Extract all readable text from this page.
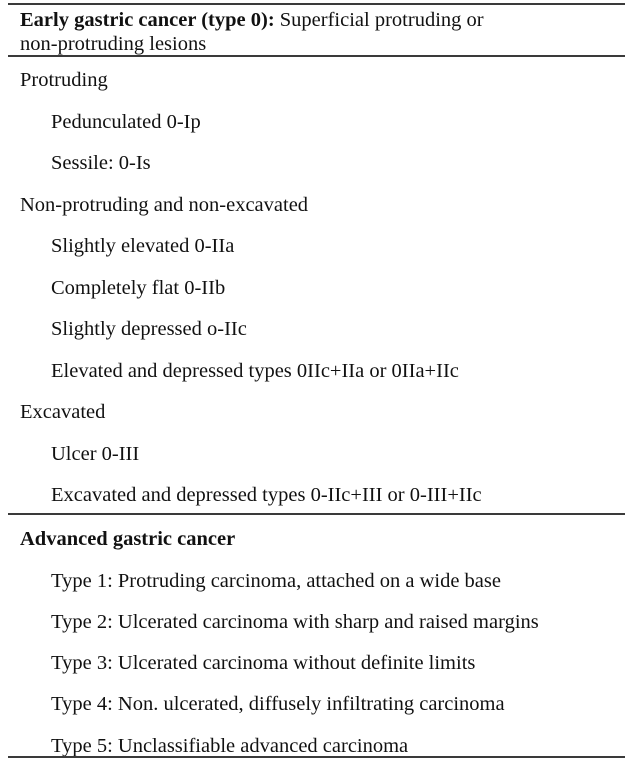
Early gastric cancer (type 0): Superficial protruding or
non-protruding lesions
Protruding
Pedunculated 0-Ip
Sessile: 0-Is
Non-protruding and non-excavated
Slightly elevated 0-IIa
Completely flat 0-IIb
Slightly depressed o-IIc
Elevated and depressed types 0IIc+IIa or 0IIa+IIc
Excavated
Ulcer 0-III
Excavated and depressed types 0-IIc+III or 0-III+IIc
Advanced gastric cancer
Type 1: Protruding carcinoma, attached on a wide base
Type 2: Ulcerated carcinoma with sharp and raised margins
Type 3: Ulcerated carcinoma without definite limits
Type 4: Non. ulcerated, diffusely infiltrating carcinoma
Type 5: Unclassifiable advanced carcinoma
